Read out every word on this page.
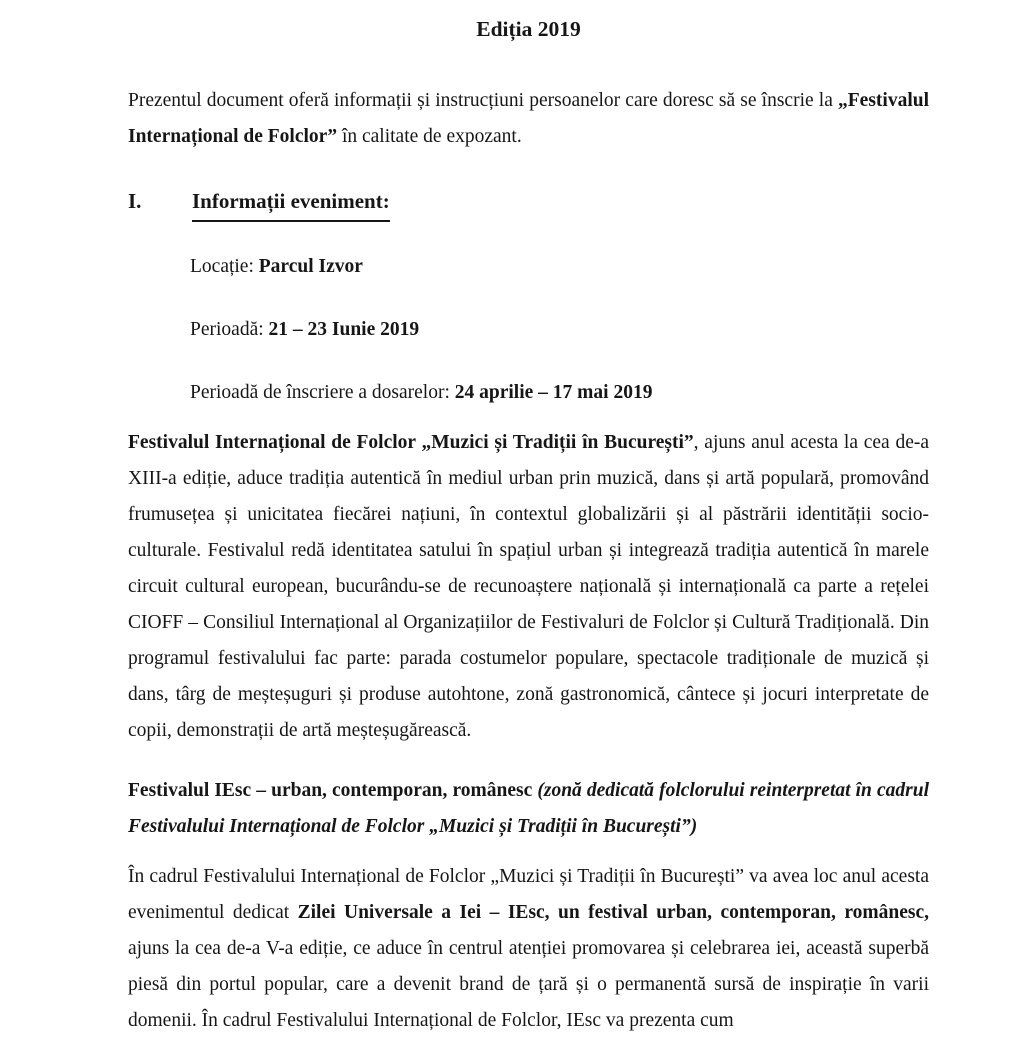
Ediția 2019
Prezentul document oferă informații și instrucțiuni persoanelor care doresc să se înscrie la „Festivalul Internațional de Folclor” în calitate de expozant.
I.	Informații eveniment:
Locație: Parcul Izvor
Perioadă: 21 – 23 Iunie 2019
Perioadă de înscriere a dosarelor: 24 aprilie – 17 mai 2019
Festivalul Internațional de Folclor „Muzici și Tradiții în București”, ajuns anul acesta la cea de-a XIII-a ediție, aduce tradiția autentică în mediul urban prin muzică, dans și artă populară, promovând frumusețea și unicitatea fiecărei națiuni, în contextul globalizării și al păstrării identității socio-culturale. Festivalul redă identitatea satului în spațiul urban și integrează tradiția autentică în marele circuit cultural european, bucurându-se de recunoaștere națională și internațională ca parte a rețelei CIOFF – Consiliul Internațional al Organizațiilor de Festivaluri de Folclor și Cultură Tradițională. Din programul festivalului fac parte: parada costumelor populare, spectacole tradiționale de muzică și dans, târg de meșteșuguri și produse autohtone, zonă gastronomică, cântece și jocuri interpretate de copii, demonstrații de artă meșteșugărească.
Festivalul IEsc – urban, contemporan, românesc (zonă dedicată folclorului reinterpretat în cadrul Festivalului Internațional de Folclor „Muzici și Tradiții în București”)
În cadrul Festivalului Internațional de Folclor „Muzici și Tradiții în București” va avea loc anul acesta evenimentul dedicat Zilei Universale a Iei – IEsc, un festival urban, contemporan, românesc, ajuns la cea de-a V-a ediție, ce aduce în centrul atenției promovarea și celebrarea iei, această superbă piesă din portul popular, care a devenit brand de țară și o permanentă sursă de inspirație în varii domenii. În cadrul Festivalului Internațional de Folclor, IEsc va prezenta cum
